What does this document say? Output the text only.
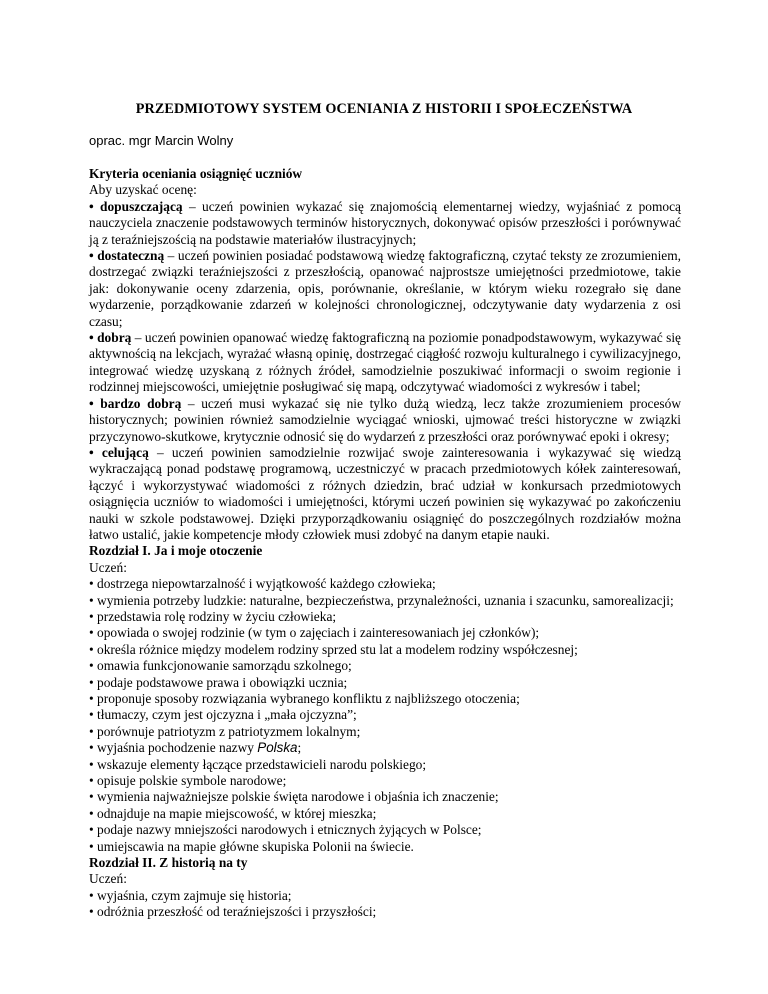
PRZEDMIOTOWY SYSTEM OCENIANIA Z HISTORII I SPOŁECZEŃSTWA
oprac. mgr Marcin Wolny

Kryteria oceniania osiągnięć uczniów

Aby uzyskać ocenę:

• dopuszczającą – uczeń powinien wykazać się znajomością elementarnej wiedzy, wyjaśniać z pomocą nauczyciela znaczenie podstawowych terminów historycznych, dokonywać opisów przeszłości i porównywać ją z teraźniejszością na podstawie materiałów ilustracyjnych;

• dostateczną – uczeń powinien posiadać podstawową wiedzę faktograficzną, czytać teksty ze zrozumieniem, dostrzegać związki teraźniejszości z przeszłością, opanować najprostsze umiejętności przedmiotowe, takie jak: dokonywanie oceny zdarzenia, opis, porównanie, określanie, w którym wieku rozegrało się dane wydarzenie, porządkowanie zdarzeń w kolejności chronologicznej, odczytywanie daty wydarzenia z osi czasu;

• dobrą – uczeń powinien opanować wiedzę faktograficzną na poziomie ponadpodstawowym, wykazywać się aktywnością na lekcjach, wyrażać własną opinię, dostrzegać ciągłość rozwoju kulturalnego i cywilizacyjnego, integrować wiedzę uzyskaną z różnych źródeł, samodzielnie poszukiwać informacji o swoim regionie i rodzinnej miejscowości, umiejętnie posługiwać się mapą, odczytywać wiadomości z wykresów i tabel;

• bardzo dobrą – uczeń musi wykazać się nie tylko dużą wiedzą, lecz także zrozumieniem procesów historycznych; powinien również samodzielnie wyciągać wnioski, ujmować treści historyczne w związki przyczynowo-skutkowe, krytycznie odnosić się do wydarzeń z przeszłości oraz porównywać epoki i okresy;

• celującą – uczeń powinien samodzielnie rozwijać swoje zainteresowania i wykazywać się wiedzą wykraczającą ponad podstawę programową, uczestniczyć w pracach przedmiotowych kółek zainteresowań, łączyć i wykorzystywać wiadomości z różnych dziedzin, brać udział w konkursach przedmiotowych osiągnięcia uczniów to wiadomości i umiejętności, którymi uczeń powinien się wykazywać po zakończeniu nauki w szkole podstawowej. Dzięki przyporządkowaniu osiągnięć do poszczególnych rozdziałów można łatwo ustalić, jakie kompetencje młody człowiek musi zdobyć na danym etapie nauki.

Rozdział I. Ja i moje otoczenie

Uczeń:

• dostrzega niepowtarzalność i wyjątkowość każdego człowieka;

• wymienia potrzeby ludzkie: naturalne, bezpieczeństwa, przynależności, uznania i szacunku, samorealizacji;

• przedstawia rolę rodziny w życiu człowieka;

• opowiada o swojej rodzinie (w tym o zajęciach i zainteresowaniach jej członków);

• określa różnice między modelem rodziny sprzed stu lat a modelem rodziny współczesnej;

• omawia funkcjonowanie samorządu szkolnego;

• podaje podstawowe prawa i obowiązki ucznia;

• proponuje sposoby rozwiązania wybranego konfliktu z najbliższego otoczenia;

• tłumaczy, czym jest ojczyzna i „mała ojczyzna”;

• porównuje patriotyzm z patriotyzmem lokalnym;

• wyjaśnia pochodzenie nazwy Polska;

• wskazuje elementy łączące przedstawicieli narodu polskiego;

• opisuje polskie symbole narodowe;

• wymienia najważniejsze polskie święta narodowe i objaśnia ich znaczenie;

• odnajduje na mapie miejscowość, w której mieszka;

• podaje nazwy mniejszości narodowych i etnicznych żyjących w Polsce;

• umiejscawia na mapie główne skupiska Polonii na świecie.

Rozdział II. Z historią na ty

Uczeń:

• wyjaśnia, czym zajmuje się historia;

• odróżnia przeszłość od teraźniejszości i przyszłości;
